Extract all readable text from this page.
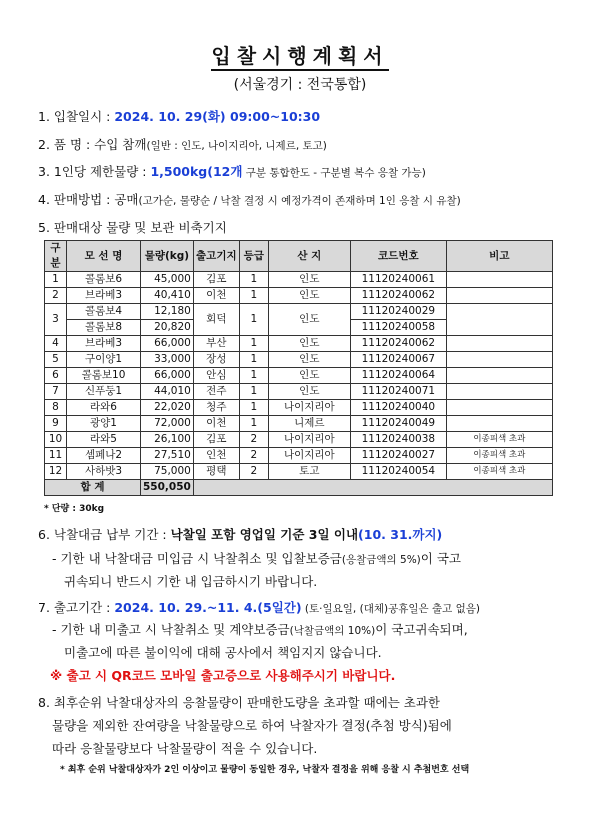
입찰시행계획서
(서울경기 : 전국통합)
1. 입찰일시 : 2024. 10. 29(화) 09:00~10:30
2. 품 명 : 수입 참깨(일반 : 인도, 나이지리아, 니제르, 토고)
3. 1인당 제한물량 : 1,500kg(12개 구분 통합한도 - 구분별 복수 응찰 가능)
4. 판매방법 : 공매(고가순, 물량순 / 낙찰 결정 시 예정가격이 존재하며 1인 응찰 시 유찰)
5. 판매대상 물량 및 보관 비축기지
구분	모 선 명	물량(kg)	출고기지	등급	산 지	코드번호	비고
1	콜롬보6	45,000	김포	1	인도	11120240061	
2	브라베3	40,410	이천	1	인도	11120240062	
3	콜롬보4	12,180	회덕	1	인도	11120240029	
	콜롬보8	20,820				11120240058	
4	브라베3	66,000	부산	1	인도	11120240062	
5	구이양1	33,000	장성	1	인도	11120240067	
6	콜롬보10	66,000	안심	1	인도	11120240064	
7	신푸둥1	44,010	전주	1	인도	11120240071	
8	라와6	22,020	청주	1	나이지리아	11120240040	
9	광양1	72,000	이천	1	니제르	11120240049	
10	라와5	26,100	김포	2	나이지리아	11120240038	이종피색 초과
11	셈페나2	27,510	인천	2	나이지리아	11120240027	이종피색 초과
12	사하밧3	75,000	평택	2	토고	11120240054	이종피색 초과
합 계		550,050					
* 단량 : 30kg
6. 낙찰대금 납부 기간 : 낙찰일 포함 영업일 기준 3일 이내(10. 31.까지)
- 기한 내 낙찰대금 미입금 시 낙찰취소 및 입찰보증금(응찰금액의 5%)이 국고
귀속되니 반드시 기한 내 입금하시기 바랍니다.
7. 출고기간 : 2024. 10. 29.~11. 4.(5일간) (토·일요일, (대체)공휴일은 출고 없음)
- 기한 내 미출고 시 낙찰취소 및 계약보증금(낙찰금액의 10%)이 국고귀속되며,
미출고에 따른 불이익에 대해 공사에서 책임지지 않습니다.
※ 출고 시 QR코드 모바일 출고증으로 사용해주시기 바랍니다.
8. 최후순위 낙찰대상자의 응찰물량이 판매한도량을 초과할 때에는 초과한
물량을 제외한 잔여량을 낙찰물량으로 하여 낙찰자가 결정(추첨 방식)됨에
따라 응찰물량보다 낙찰물량이 적을 수 있습니다.
* 최후 순위 낙찰대상자가 2인 이상이고 물량이 동일한 경우, 낙찰자 결정을 위해 응찰 시 추첨번호 선택
